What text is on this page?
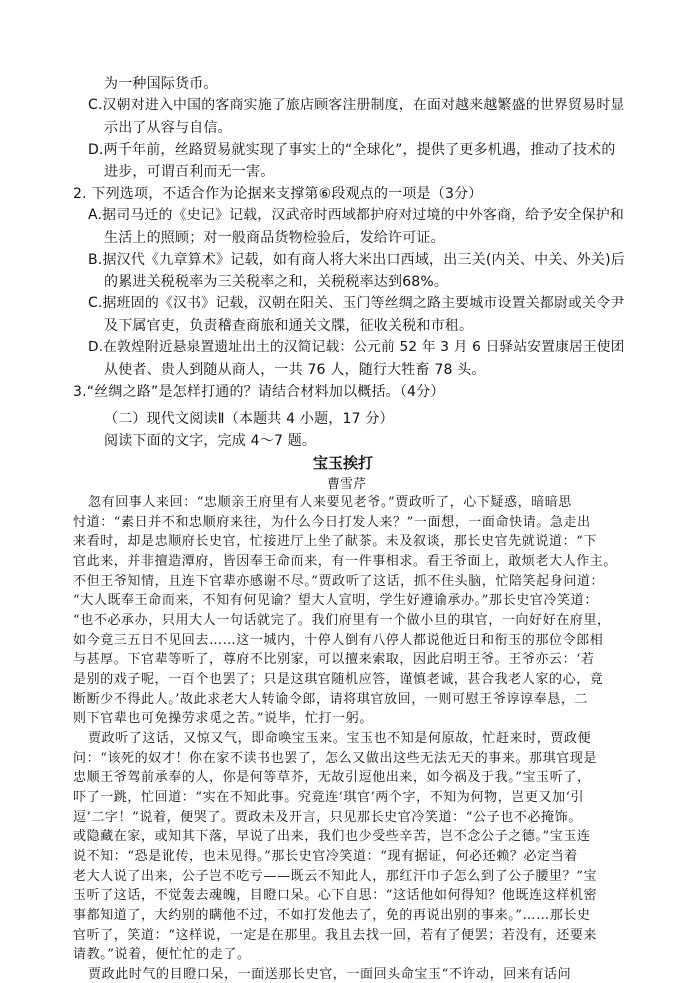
为一种国际货币。
C.汉朝对进入中国的客商实施了旅店顾客注册制度，在面对越来越繁盛的世界贸易时显
示出了从容与自信。
D.两千年前，丝路贸易就实现了事实上的“全球化”，提供了更多机遇，推动了技术的
进步，可谓百利而无一害。
2. 下列选项，不适合作为论据来支撑第⑥段观点的一项是（3分）
A.据司马迁的《史记》记载，汉武帝时西域都护府对过境的中外客商，给予安全保护和
生活上的照顾；对一般商品货物检验后，发给许可证。
B.据汉代《九章算术》记载，如有商人将大米出口西域，出三关(内关、中关、外关)后
的累进关税税率为三关税率之和，关税税率达到68%。
C.据班固的《汉书》记载，汉朝在阳关、玉门等丝绸之路主要城市设置关都尉或关令尹
及下属官吏，负责稽查商旅和通关文牒，征收关税和市租。
D.在敦煌附近悬泉置遗址出土的汉简记载：公元前 52 年 3 月 6 日驿站安置康居王使团
从使者、贵人到随从商人，一共 76 人，随行大牲畜 78 头。
3.“丝绸之路”是怎样打通的？请结合材料加以概括。（4分）
（二）现代文阅读Ⅱ（本题共 4 小题，17 分）
阅读下面的文字，完成 4～7 题。
宝玉挨打
曹雪芹
忽有回事人来回：“忠顺亲王府里有人来要见老爷。”贾政听了，心下疑惑，暗暗思
忖道：“素日并不和忠顺府来往，为什么今日打发人来？”一面想，一面命快请。急走出
来看时，却是忠顺府长史官，忙接进厅上坐了献茶。未及叙谈，那长史官先就说道：“下
官此来，并非擅造潭府，皆因奉王命而来，有一件事相求。看王爷面上，敢烦老大人作主。
不但王爷知情，且连下官辈亦感谢不尽。”贾政听了这话，抓不住头脑，忙陪笑起身问道：
“大人既奉王命而来，不知有何见谕？望大人宣明，学生好遵谕承办。”那长史官冷笑道：
“也不必承办，只用大人一句话就完了。我们府里有一个做小旦的琪官，一向好好在府里，
如今竟三五日不见回去……这一城内，十停人倒有八停人都说他近日和衔玉的那位令郎相
与甚厚。下官辈等听了，尊府不比别家，可以擅来索取，因此启明王爷。王爷亦云：‘若
是别的戏子呢，一百个也罢了；只是这琪官随机应答，谨慎老诚，甚合我老人家的心，竟
断断少不得此人。’故此求老大人转谕令郎，请将琪官放回，一则可慰王爷谆谆奉恳，二
则下官辈也可免操劳求觅之苦。”说毕，忙打一躬。
贾政听了这话，又惊又气，即命唤宝玉来。宝玉也不知是何原故，忙赶来时，贾政便
问：“该死的奴才！你在家不读书也罢了，怎么又做出这些无法无天的事来。那琪官现是
忠顺王爷驾前承奉的人，你是何等草芥，无故引逗他出来，如今祸及于我。”宝玉听了，
吓了一跳，忙回道：“实在不知此事。究竟连‘琪官’两个字，不知为何物，岂更又加‘引
逗’二字！”说着，便哭了。贾政未及开言，只见那长史官冷笑道：“公子也不必掩饰。
或隐藏在家，或知其下落，早说了出来，我们也少受些辛苦，岂不念公子之德。”宝玉连
说不知：“恐是讹传，也未见得。”那长史官冷笑道：“现有据证，何必还赖？必定当着
老大人说了出来，公子岂不吃亏——既云不知此人，那红汗巾子怎么到了公子腰里？”宝
玉听了这话，不觉轰去魂魄，目瞪口呆。心下自思：“这话他如何得知？他既连这样机密
事都知道了，大约别的瞒他不过，不如打发他去了，免的再说出别的事来。”……那长史
官听了，笑道：“这样说，一定是在那里。我且去找一回，若有了便罢；若没有，还要来
请教。”说着，便忙忙的走了。
贾政此时气的目瞪口呆，一面送那长史官，一面回头命宝玉“不许动，回来有话问
